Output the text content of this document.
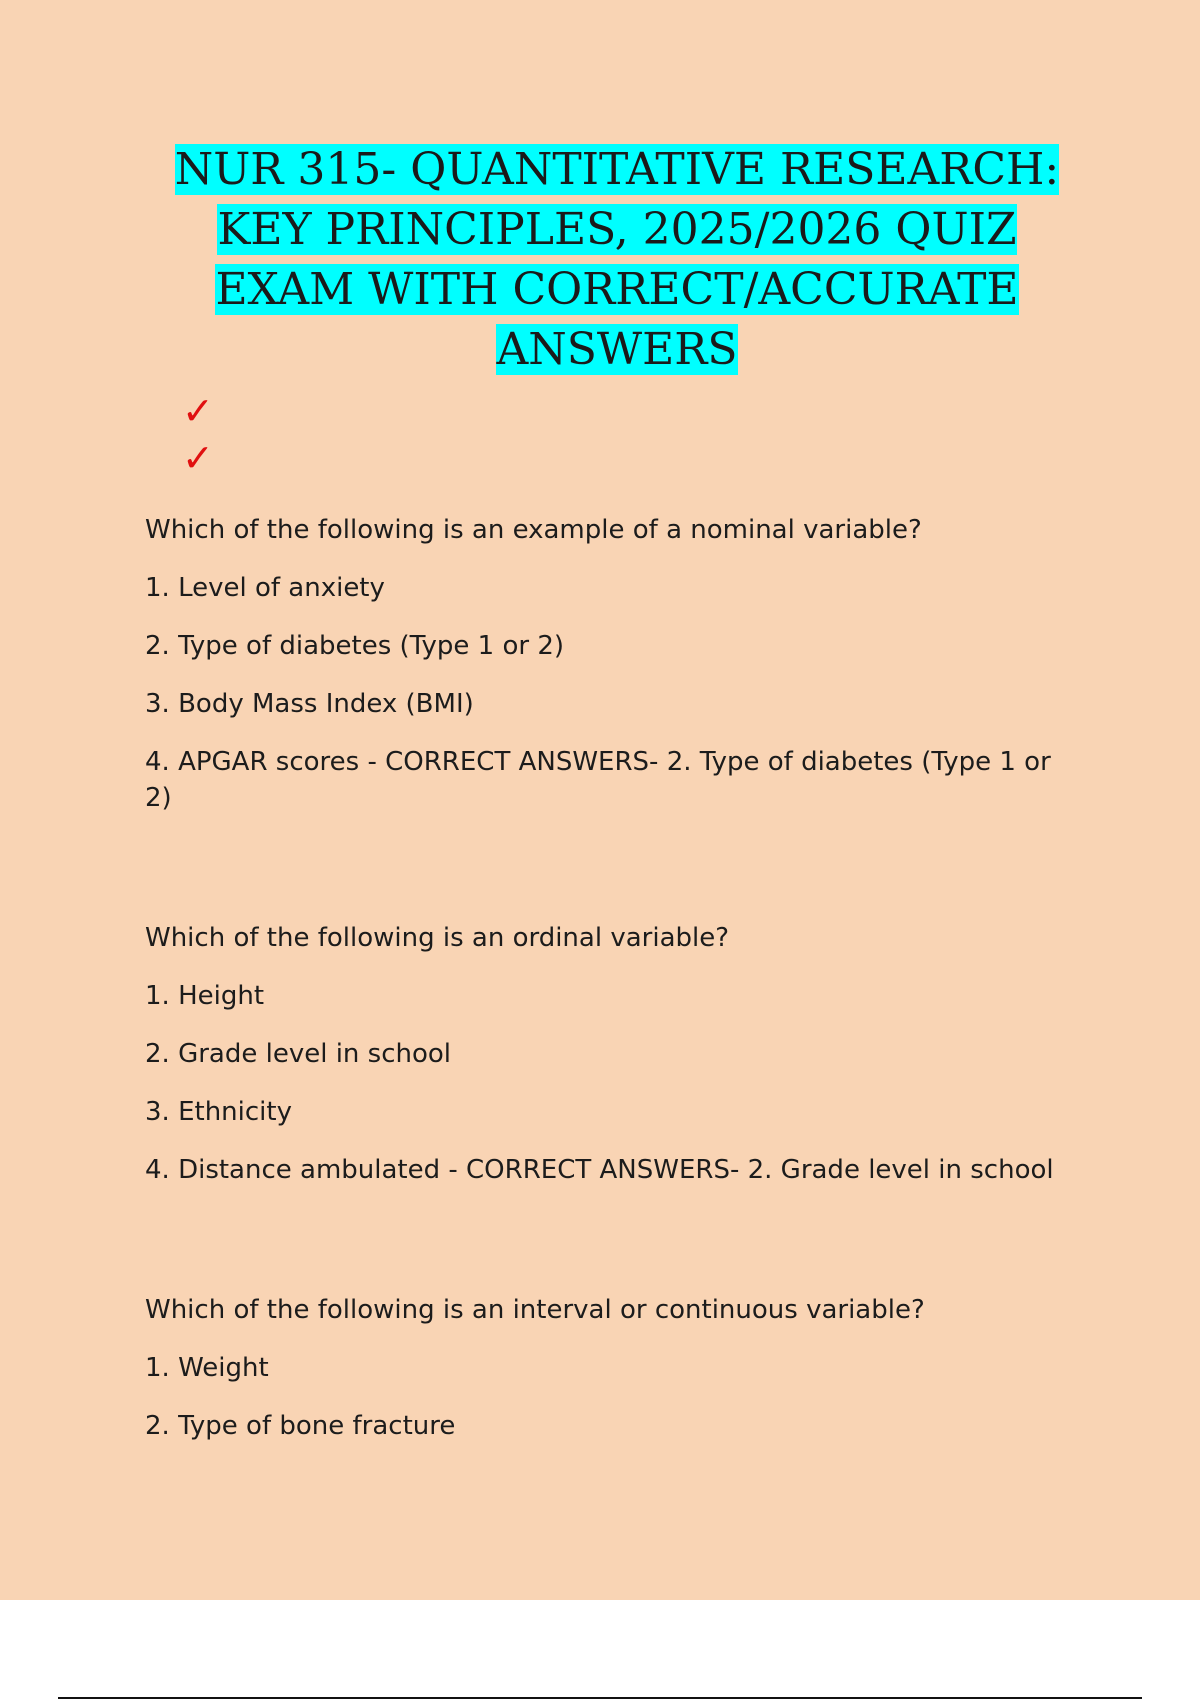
NUR 315- QUANTITATIVE RESEARCH:
KEY PRINCIPLES, 2025/2026 QUIZ
EXAM WITH CORRECT/ACCURATE
ANSWERS
✓
✓

Which of the following is an example of a nominal variable?

1. Level of anxiety

2. Type of diabetes (Type 1 or 2)

3. Body Mass Index (BMI)

4. APGAR scores - CORRECT ANSWERS- 2. Type of diabetes (Type 1 or 2)

Which of the following is an ordinal variable?

1. Height

2. Grade level in school

3. Ethnicity

4. Distance ambulated - CORRECT ANSWERS- 2. Grade level in school

Which of the following is an interval or continuous variable?

1. Weight

2. Type of bone fracture
